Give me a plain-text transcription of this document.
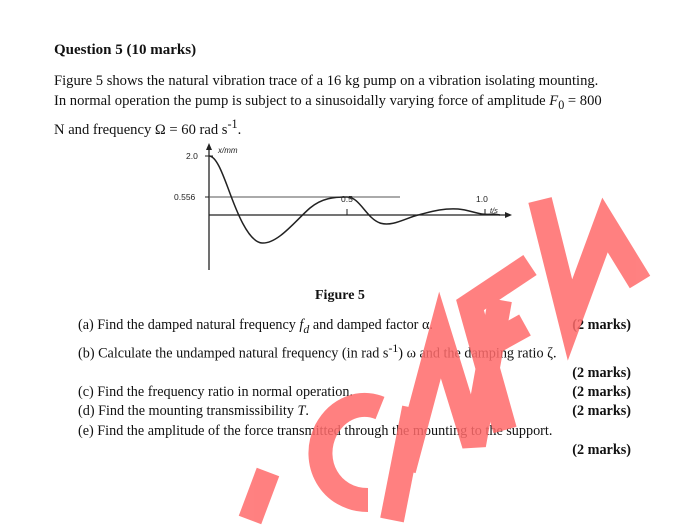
Question 5 (10 marks)
Figure 5 shows the natural vibration trace of a 16 kg pump on a vibration isolating mounting.
In normal operation the pump is subject to a sinusoidally varying force of amplitude $F_0 = 800$
N and frequency Ω = 60 rad $s^{-1}$.
x/mm
2.0
0.556	0.5	1.0
t/s
Figure 5
(a) Find the damped natural frequency $f_d$ and damped factor α.	(2 marks)
(b) Calculate the undamped natural frequency (in rad $s^{-1}$) ω and the damping ratio ζ.
(2 marks)
(c) Find the frequency ratio in normal operation.	(2 marks)
(d) Find the mounting transmissibility T.	(2 marks)
(e) Find the amplitude of the force transmitted through the mounting to the support.
(2 marks)
